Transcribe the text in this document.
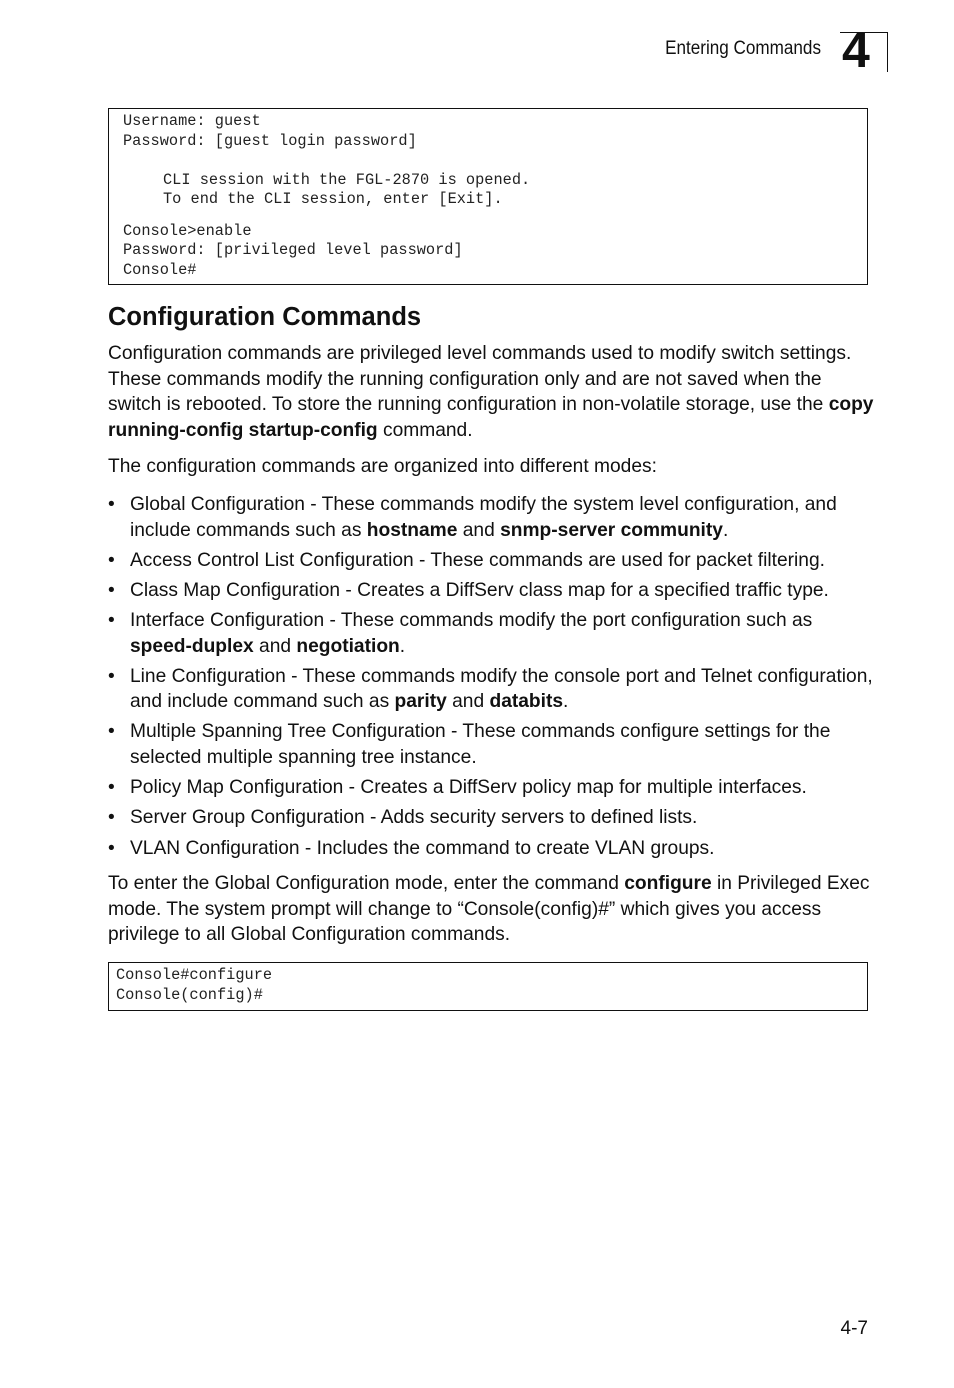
Entering Commands 4
Username: guest
Password: [guest login password]
CLI session with the FGL-2870 is opened.
To end the CLI session, enter [Exit].
Console>enable
Password: [privileged level password]
Console#
Configuration Commands

Configuration commands are privileged level commands used to modify switch settings. These commands modify the running configuration only and are not saved when the switch is rebooted. To store the running configuration in non-volatile storage, use the copy running-config startup-config command.

The configuration commands are organized into different modes:

• Global Configuration - These commands modify the system level configuration, and include commands such as hostname and snmp-server community.
• Access Control List Configuration - These commands are used for packet filtering.
• Class Map Configuration - Creates a DiffServ class map for a specified traffic type.
• Interface Configuration - These commands modify the port configuration such as speed-duplex and negotiation.
• Line Configuration - These commands modify the console port and Telnet configuration, and include command such as parity and databits.
• Multiple Spanning Tree Configuration - These commands configure settings for the selected multiple spanning tree instance.
• Policy Map Configuration - Creates a DiffServ policy map for multiple interfaces.
• Server Group Configuration - Adds security servers to defined lists.
• VLAN Configuration - Includes the command to create VLAN groups.

To enter the Global Configuration mode, enter the command configure in Privileged Exec mode. The system prompt will change to “Console(config)#” which gives you access privilege to all Global Configuration commands.

Console#configure
Console(config)#
4-7
